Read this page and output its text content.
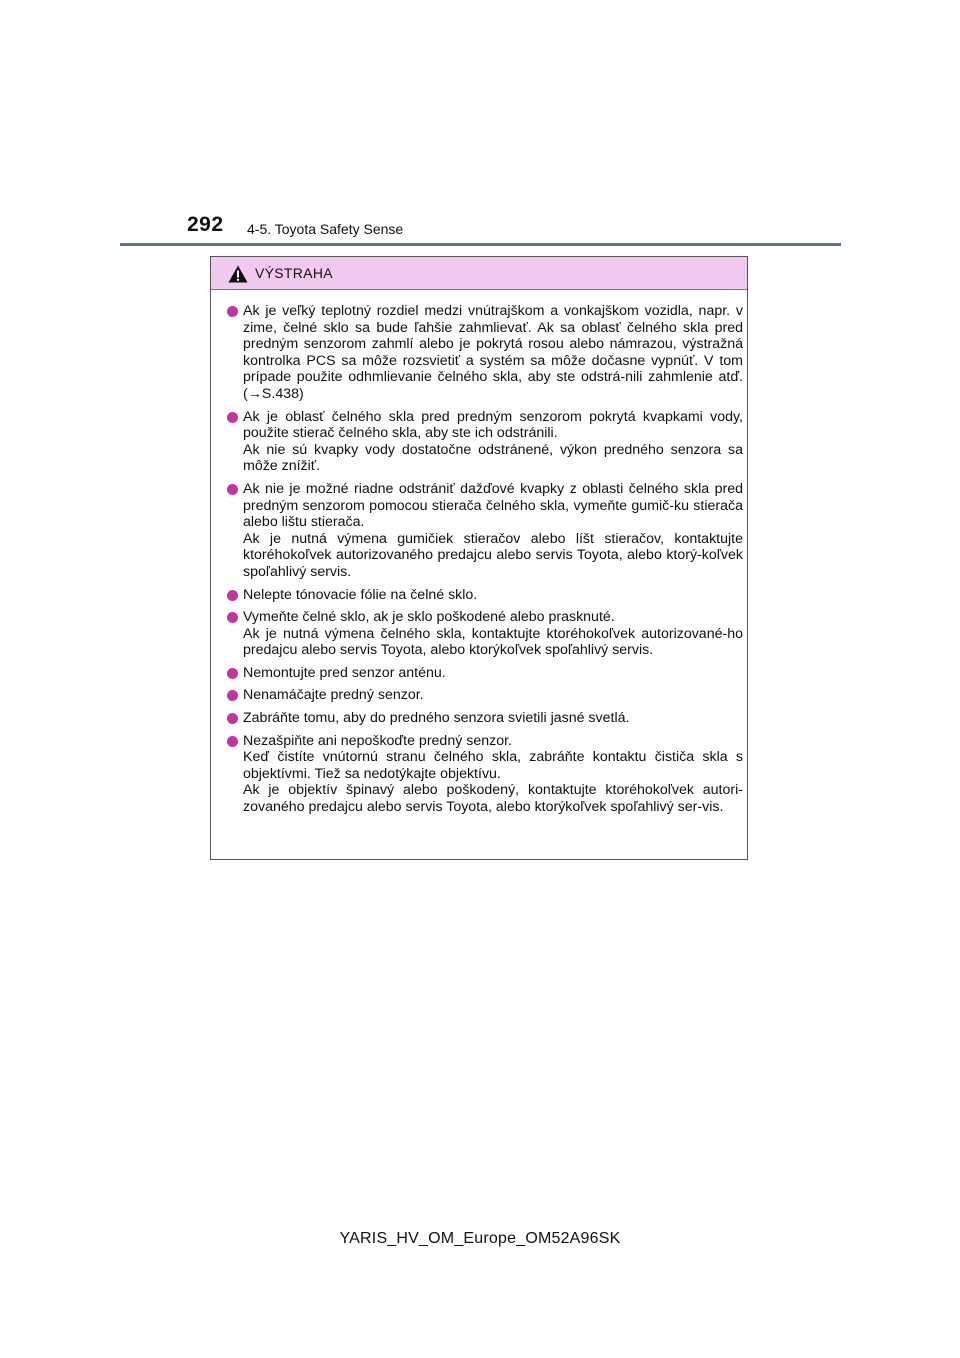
292 4-5. Toyota Safety Sense
VÝSTRAHA

Ak je veľký teplotný rozdiel medzi vnútrajškom a vonkajškom vozidla, napr. v zime, čelné sklo sa bude ľahšie zahmlievať. Ak sa oblasť čelného skla pred predným senzorom zahmlí alebo je pokrytá rosou alebo námrazou, výstražná kontrolka PCS sa môže rozsvietiť a systém sa môže dočasne vypnúť. V tom prípade použite odhmlievanie čelného skla, aby ste odstrá-nili zahmlenie atď. (→S.438)

Ak je oblasť čelného skla pred predným senzorom pokrytá kvapkami vody, použite stierač čelného skla, aby ste ich odstránili.

Ak nie sú kvapky vody dostatočne odstránené, výkon predného senzora sa môže znížiť.

Ak nie je možné riadne odstrániť dažďové kvapky z oblasti čelného skla pred predným senzorom pomocou stierača čelného skla, vymeňte gumič-ku stierača alebo lištu stierača.

Ak je nutná výmena gumičiek stieračov alebo líšt stieračov, kontaktujte ktoréhokoľvek autorizovaného predajcu alebo servis Toyota, alebo ktorý-koľvek spoľahlivý servis.

Nelepte tónovacie fólie na čelné sklo.

Vymeňte čelné sklo, ak je sklo poškodené alebo prasknuté.

Ak je nutná výmena čelného skla, kontaktujte ktoréhokoľvek autorizované-ho predajcu alebo servis Toyota, alebo ktorýkoľvek spoľahlivý servis.

Nemontujte pred senzor anténu.

Nenamáčajte predný senzor.

Zabráňte tomu, aby do predného senzora svietili jasné svetlá.

Nezašpiňte ani nepoškoďte predný senzor.

Keď čistíte vnútornú stranu čelného skla, zabráňte kontaktu čističa skla s objektívmi. Tiež sa nedotýkajte objektívu.

Ak je objektív špinavý alebo poškodený, kontaktujte ktoréhokoľvek autori-zovaného predajcu alebo servis Toyota, alebo ktorýkoľvek spoľahlivý ser-vis.

YARIS_HV_OM_Europe_OM52A96SK
